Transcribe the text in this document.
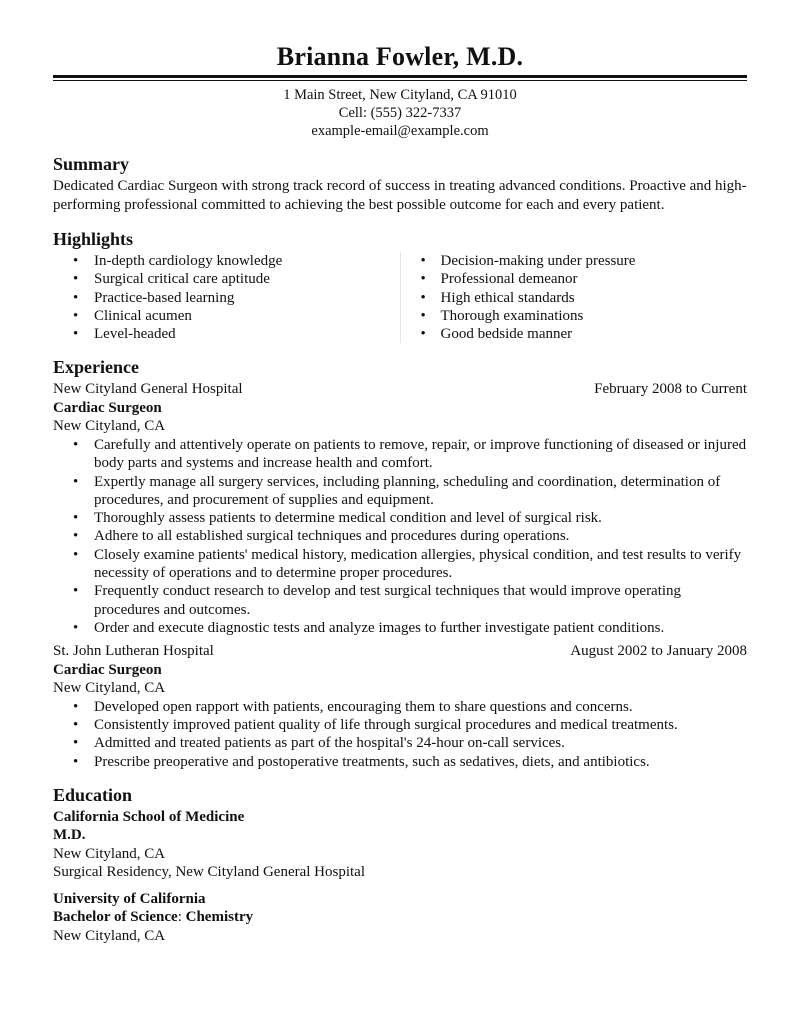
Brianna Fowler, M.D.
1 Main Street, New Cityland, CA 91010
Cell: (555) 322-7337
example-email@example.com
Summary

Dedicated Cardiac Surgeon with strong track record of success in treating advanced conditions. Proactive and high-performing professional committed to achieving the best possible outcome for each and every patient.

Highlights
• In-depth cardiology knowledge
• Surgical critical care aptitude
• Practice-based learning
• Clinical acumen
• Level-headed
• Decision-making under pressure
• Professional demeanor
• High ethical standards
• Thorough examinations
• Good bedside manner
Experience
New Cityland General Hospital	February 2008 to Current
Cardiac Surgeon
New Cityland, CA
• Carefully and attentively operate on patients to remove, repair, or improve functioning of diseased or injured body parts and systems and increase health and comfort.
• Expertly manage all surgery services, including planning, scheduling and coordination, determination of procedures, and procurement of supplies and equipment.
• Thoroughly assess patients to determine medical condition and level of surgical risk.
• Adhere to all established surgical techniques and procedures during operations.
• Closely examine patients' medical history, medication allergies, physical condition, and test results to verify necessity of operations and to determine proper procedures.
• Frequently conduct research to develop and test surgical techniques that would improve operating procedures and outcomes.
• Order and execute diagnostic tests and analyze images to further investigate patient conditions.
St. John Lutheran Hospital	August 2002 to January 2008
Cardiac Surgeon
New Cityland, CA
• Developed open rapport with patients, encouraging them to share questions and concerns.
• Consistently improved patient quality of life through surgical procedures and medical treatments.
• Admitted and treated patients as part of the hospital's 24-hour on-call services.
• Prescribe preoperative and postoperative treatments, such as sedatives, diets, and antibiotics.
Education
California School of Medicine
M.D.
New Cityland, CA
Surgical Residency, New Cityland General Hospital
University of California
Bachelor of Science: Chemistry
New Cityland, CA
